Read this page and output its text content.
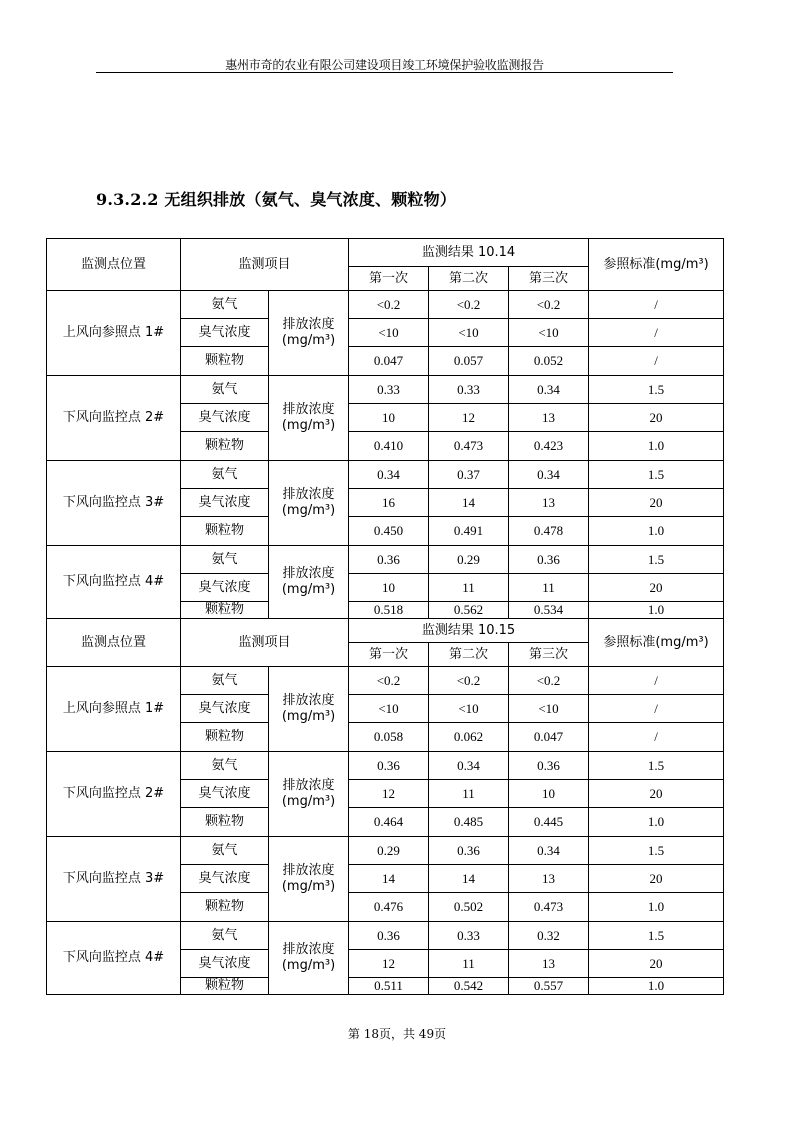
惠州市奇的农业有限公司建设项目竣工环境保护验收监测报告
9.3.2.2 无组织排放（氨气、臭气浓度、颗粒物）
监测点位置	监测项目		监测结果 10.14			参照标准(mg/m³)
			第一次	第二次	第三次	
上风向参照点 1#	氨气	排放浓度(mg/m³)	<0.2	<0.2	<0.2	/
	臭气浓度		<10	<10	<10	/
	颗粒物		0.047	0.057	0.052	/
下风向监控点 2#	氨气	排放浓度(mg/m³)	0.33	0.33	0.34	1.5
	臭气浓度		10	12	13	20
	颗粒物		0.410	0.473	0.423	1.0
下风向监控点 3#	氨气	排放浓度(mg/m³)	0.34	0.37	0.34	1.5
	臭气浓度		16	14	13	20
	颗粒物		0.450	0.491	0.478	1.0
下风向监控点 4#	氨气	排放浓度(mg/m³)	0.36	0.29	0.36	1.5
	臭气浓度		10	11	11	20
	颗粒物		0.518	0.562	0.534	1.0
监测点位置	监测项目		监测结果 10.15			参照标准(mg/m³)
			第一次	第二次	第三次	
上风向参照点 1#	氨气	排放浓度(mg/m³)	<0.2	<0.2	<0.2	/
	臭气浓度		<10	<10	<10	/
	颗粒物		0.058	0.062	0.047	/
下风向监控点 2#	氨气	排放浓度(mg/m³)	0.36	0.34	0.36	1.5
	臭气浓度		12	11	10	20
	颗粒物		0.464	0.485	0.445	1.0
下风向监控点 3#	氨气	排放浓度(mg/m³)	0.29	0.36	0.34	1.5
	臭气浓度		14	14	13	20
	颗粒物		0.476	0.502	0.473	1.0
下风向监控点 4#	氨气	排放浓度(mg/m³)	0.36	0.33	0.32	1.5
	臭气浓度		12	11	13	20
	颗粒物		0.511	0.542	0.557	1.0
第 18页，共 49页
